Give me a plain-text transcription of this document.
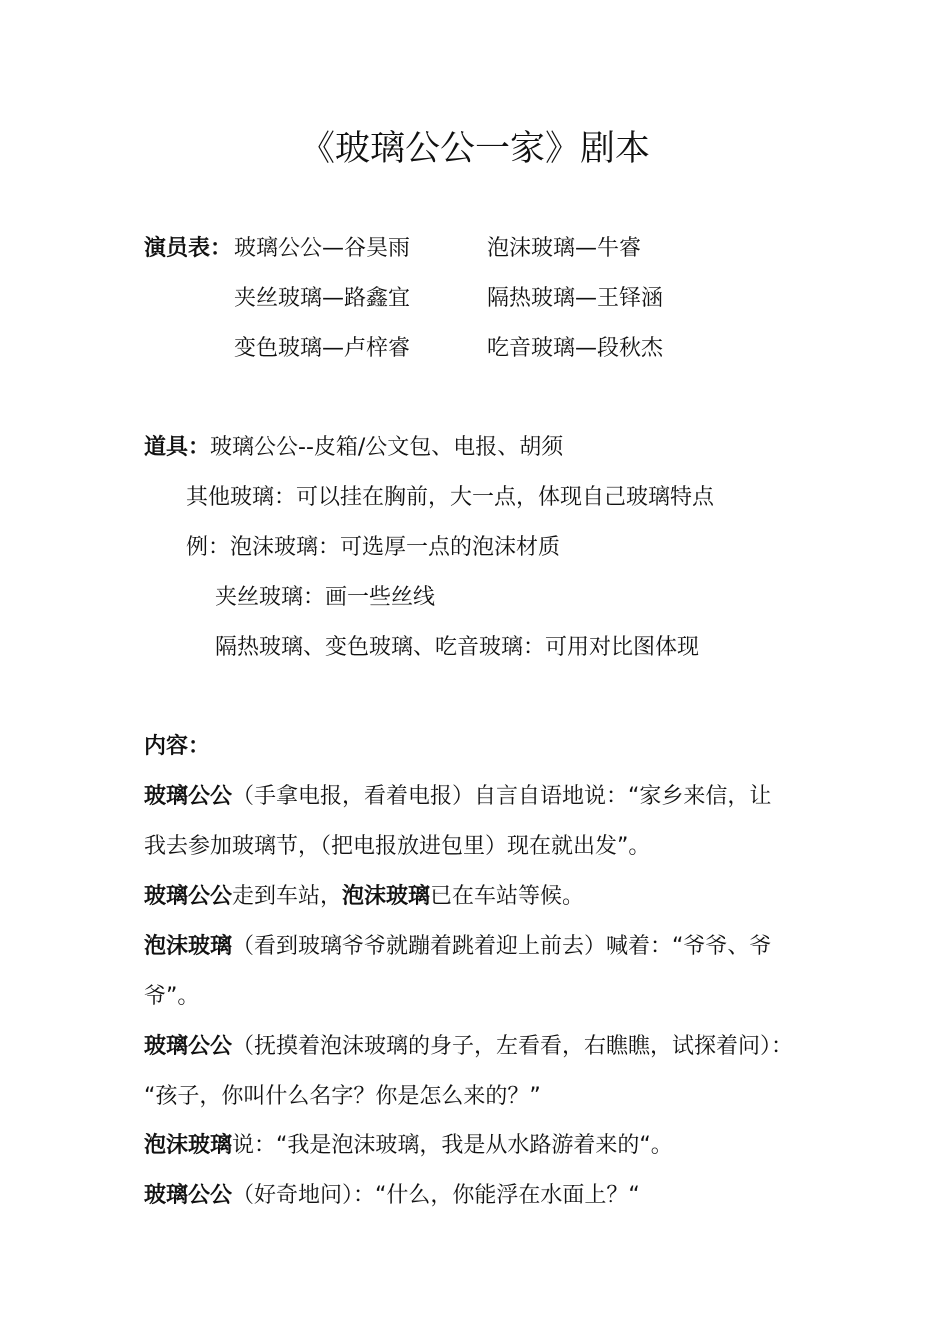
《玻璃公公一家》剧本
演员表： 玻璃公公—谷昊雨	泡沫玻璃—牛睿
夹丝玻璃—路鑫宜	隔热玻璃—王铎涵
变色玻璃—卢梓睿	吃音玻璃—段秋杰
道具：玻璃公公--皮箱/公文包、电报、胡须
其他玻璃：可以挂在胸前，大一点，体现自己玻璃特点
例：泡沫玻璃：可选厚一点的泡沫材质
夹丝玻璃：画一些丝线
隔热玻璃、变色玻璃、吃音玻璃：可用对比图体现
内容：
玻璃公公（手拿电报，看着电报）自言自语地说：“家乡来信，让
我去参加玻璃节，（把电报放进包里）现在就出发”。
玻璃公公走到车站，泡沫玻璃已在车站等候。
泡沫玻璃（看到玻璃爷爷就蹦着跳着迎上前去）喊着：“爷爷、爷
爷”。
玻璃公公（抚摸着泡沫玻璃的身子，左看看，右瞧瞧，试探着问）：
“孩子，你叫什么名字？你是怎么来的？”
泡沫玻璃说：“我是泡沫玻璃，我是从水路游着来的“。
玻璃公公（好奇地问）：“什么，你能浮在水面上？“
